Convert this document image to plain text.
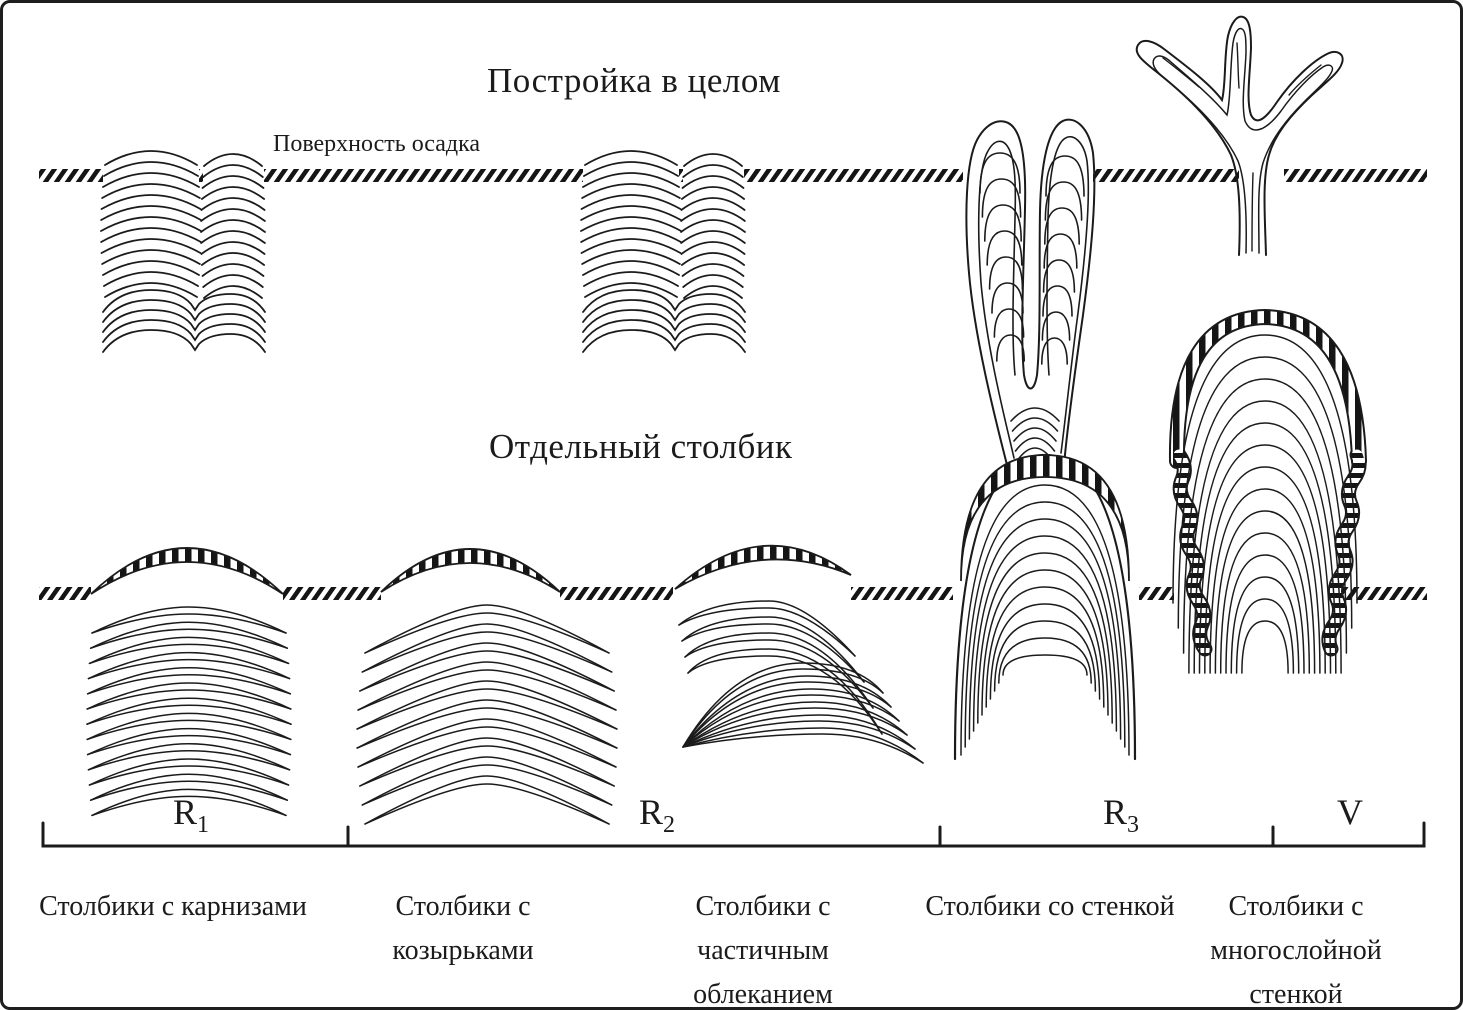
Постройка в целом
Поверхность осадка
Отдельный столбик
$R_1$	$R_2$	$R_3$	V
Столбики с карнизами	Столбики с козырьками
Столбики с частичным облеканием
Столбики со стенкой	Столбики с многослойной стенкой
